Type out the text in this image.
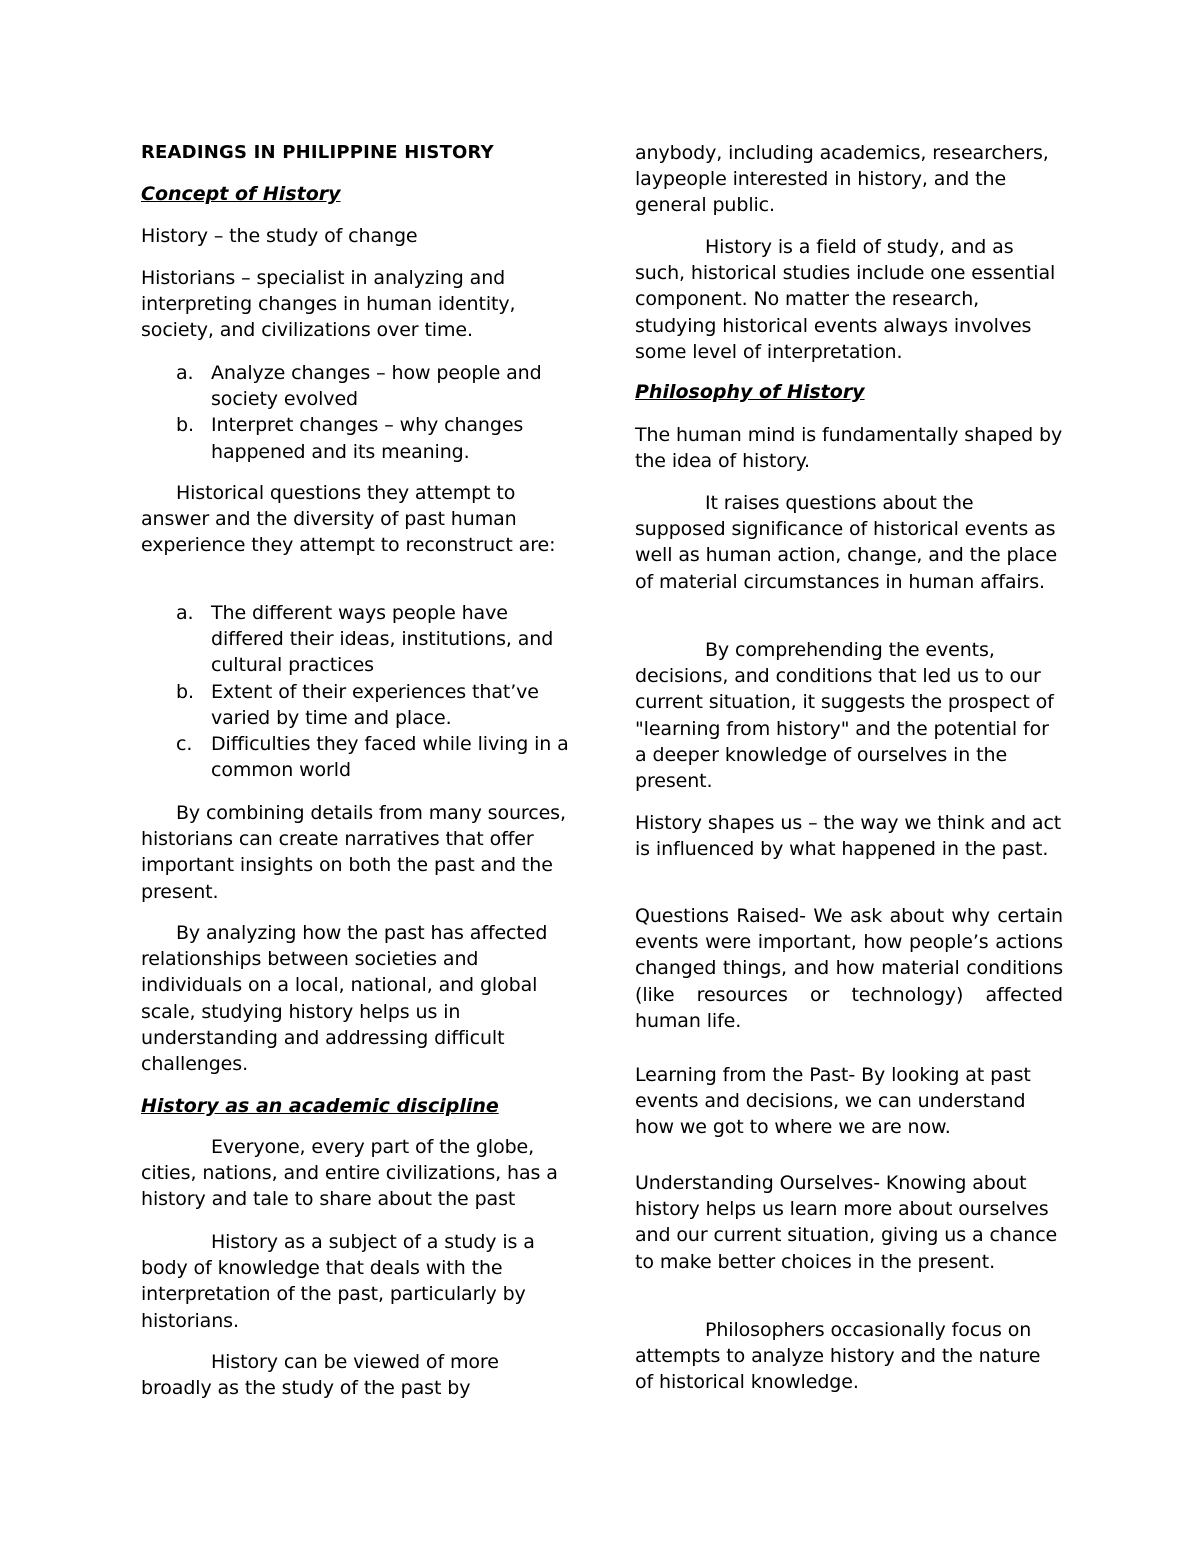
READINGS IN PHILIPPINE HISTORY

Concept of History

History – the study of change

Historians – specialist in analyzing and interpreting changes in human identity, society, and civilizations over time.

a. Analyze changes – how people and society evolved
b. Interpret changes – why changes happened and its meaning.

Historical questions they attempt to answer and the diversity of past human experience they attempt to reconstruct are:

a. The different ways people have differed their ideas, institutions, and cultural practices
b. Extent of their experiences that’ve varied by time and place.
c. Difficulties they faced while living in a common world

By combining details from many sources, historians can create narratives that offer important insights on both the past and the present.

By analyzing how the past has affected relationships between societies and individuals on a local, national, and global scale, studying history helps us in understanding and addressing difficult challenges.

History as an academic discipline

Everyone, every part of the globe, cities, nations, and entire civilizations, has a history and tale to share about the past

History as a subject of a study is a body of knowledge that deals with the interpretation of the past, particularly by historians.

History can be viewed of more broadly as the study of the past by

anybody, including academics, researchers, laypeople interested in history, and the general public.

History is a field of study, and as such, historical studies include one essential component. No matter the research, studying historical events always involves some level of interpretation.

Philosophy of History

The human mind is fundamentally shaped by the idea of history.

It raises questions about the supposed significance of historical events as well as human action, change, and the place of material circumstances in human affairs.

By comprehending the events, decisions, and conditions that led us to our current situation, it suggests the prospect of "learning from history" and the potential for a deeper knowledge of ourselves in the present.

History shapes us – the way we think and act is influenced by what happened in the past.

Questions Raised- We ask about why certain events were important, how people’s actions changed things, and how material conditions (like resources or technology) affected human life.

Learning from the Past- By looking at past events and decisions, we can understand how we got to where we are now.

Understanding Ourselves- Knowing about history helps us learn more about ourselves and our current situation, giving us a chance to make better choices in the present.

Philosophers occasionally focus on attempts to analyze history and the nature of historical knowledge.
